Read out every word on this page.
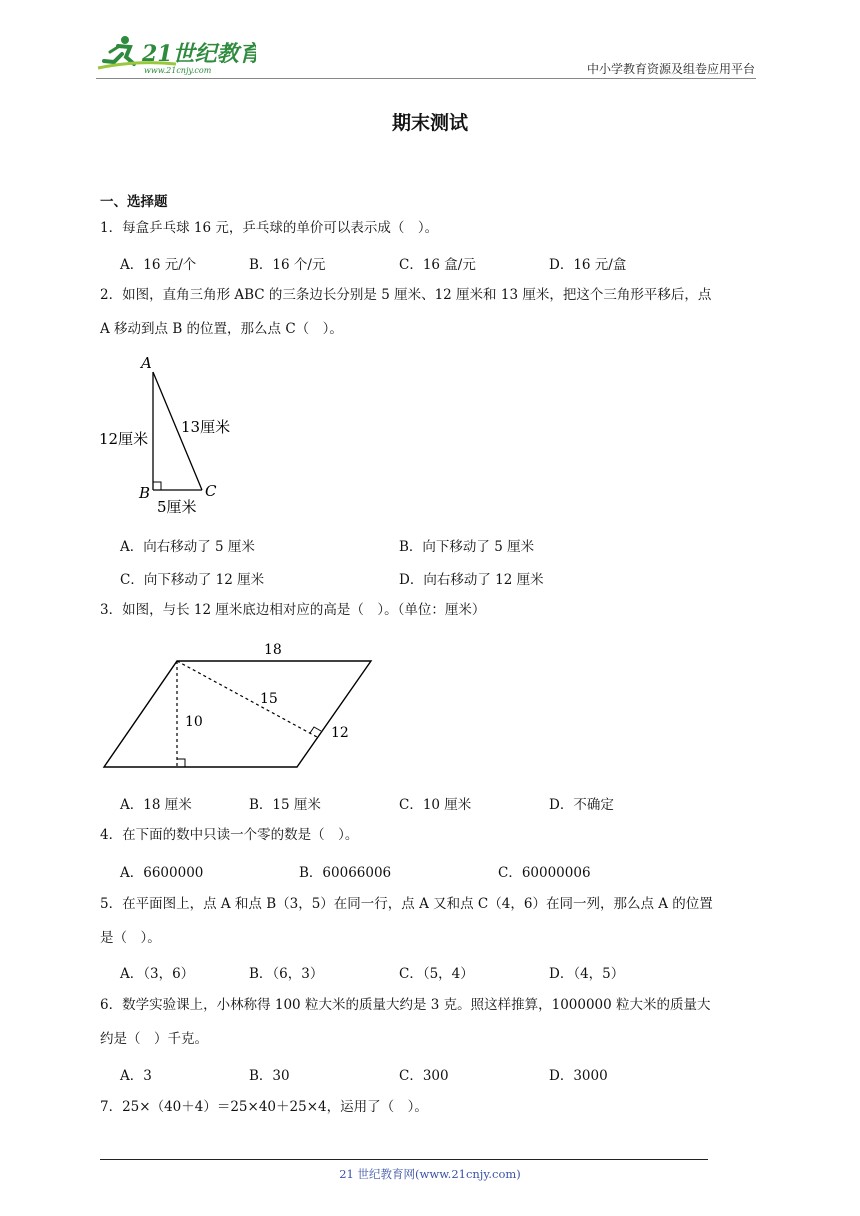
21世纪教育
www.21cnjy.com	中小学教育资源及组卷应用平台
期末测试
一、选择题
1．每盒乒乓球 16 元，乒乓球的单价可以表示成（　）。
A．16 元/个	B．16 个/元	C．16 盒/元	D．16 元/盒
2．如图，直角三角形 ABC 的三条边长分别是 5 厘米、12 厘米和 13 厘米，把这个三角形平移后，点
A 移动到点 B 的位置，那么点 C（　）。
A
B	C
12厘米
13厘米
5厘米
A．向右移动了 5 厘米	B．向下移动了 5 厘米
C．向下移动了 12 厘米	D．向右移动了 12 厘米
3．如图，与长 12 厘米底边相对应的高是（　）。（单位：厘米）
18
15
10
12
A．18 厘米	B．15 厘米	C．10 厘米	D．不确定
4．在下面的数中只读一个零的数是（　）。
A．6600000	B．60066006	C．60000006
5．在平面图上，点 A 和点 B（3，5）在同一行，点 A 又和点 C（4，6）在同一列，那么点 A 的位置
是（　）。
A．（3，6）	B．（6，3）	C．（5，4）	D．（4，5）
6．数学实验课上，小林称得 100 粒大米的质量大约是 3 克。照这样推算，1000000 粒大米的质量大
约是（　）千克。
A．3	B．30	C．300	D．3000
7．25×（40＋4）＝25×40＋25×4，运用了（　）。
21 世纪教育网(www.21cnjy.com)
